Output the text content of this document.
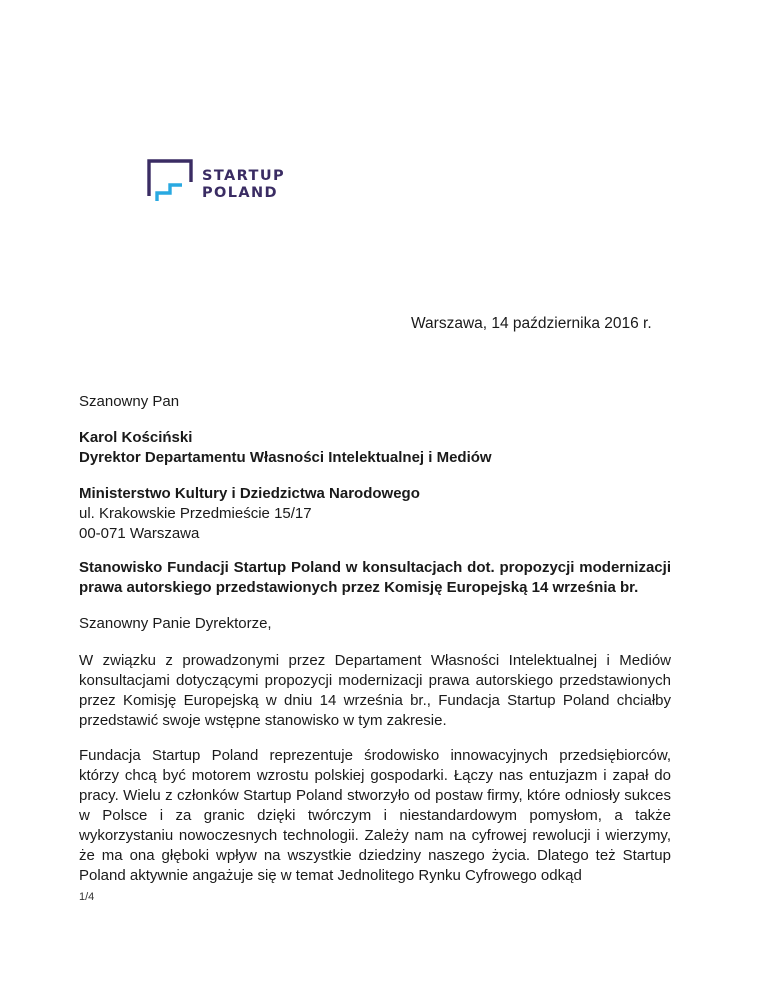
STARTUP
POLAND
Warszawa, 14 października 2016 r.
Szanowny Pan
Karol Kościński
Dyrektor Departamentu Własności Intelektualnej i Mediów
Ministerstwo Kultury i Dziedzictwa Narodowego
ul. Krakowskie Przedmieście 15/17
00-071 Warszawa
Stanowisko Fundacji Startup Poland w konsultacjach dot. propozycji modernizacji prawa autorskiego przedstawionych przez Komisję Europejską 14 września br.
Szanowny Panie Dyrektorze,
W związku z prowadzonymi przez Departament Własności Intelektualnej i Mediów konsultacjami dotyczącymi propozycji modernizacji prawa autorskiego przedstawionych przez Komisję Europejską w dniu 14 września br., Fundacja Startup Poland chciałby przedstawić swoje wstępne stanowisko w tym zakresie.
Fundacja Startup Poland reprezentuje środowisko innowacyjnych przedsiębiorców, którzy chcą być motorem wzrostu polskiej gospodarki. Łączy nas entuzjazm i zapał do pracy. Wielu z członków Startup Poland stworzyło od postaw firmy, które odniosły sukces w Polsce i za granic dzięki twórczym i niestandardowym pomysłom, a także wykorzystaniu nowoczesnych technologii. Zależy nam na cyfrowej rewolucji i wierzymy, że ma ona głęboki wpływ na wszystkie dziedziny naszego życia. Dlatego też Startup Poland aktywnie angażuje się w temat Jednolitego Rynku Cyfrowego odkąd
1/4
